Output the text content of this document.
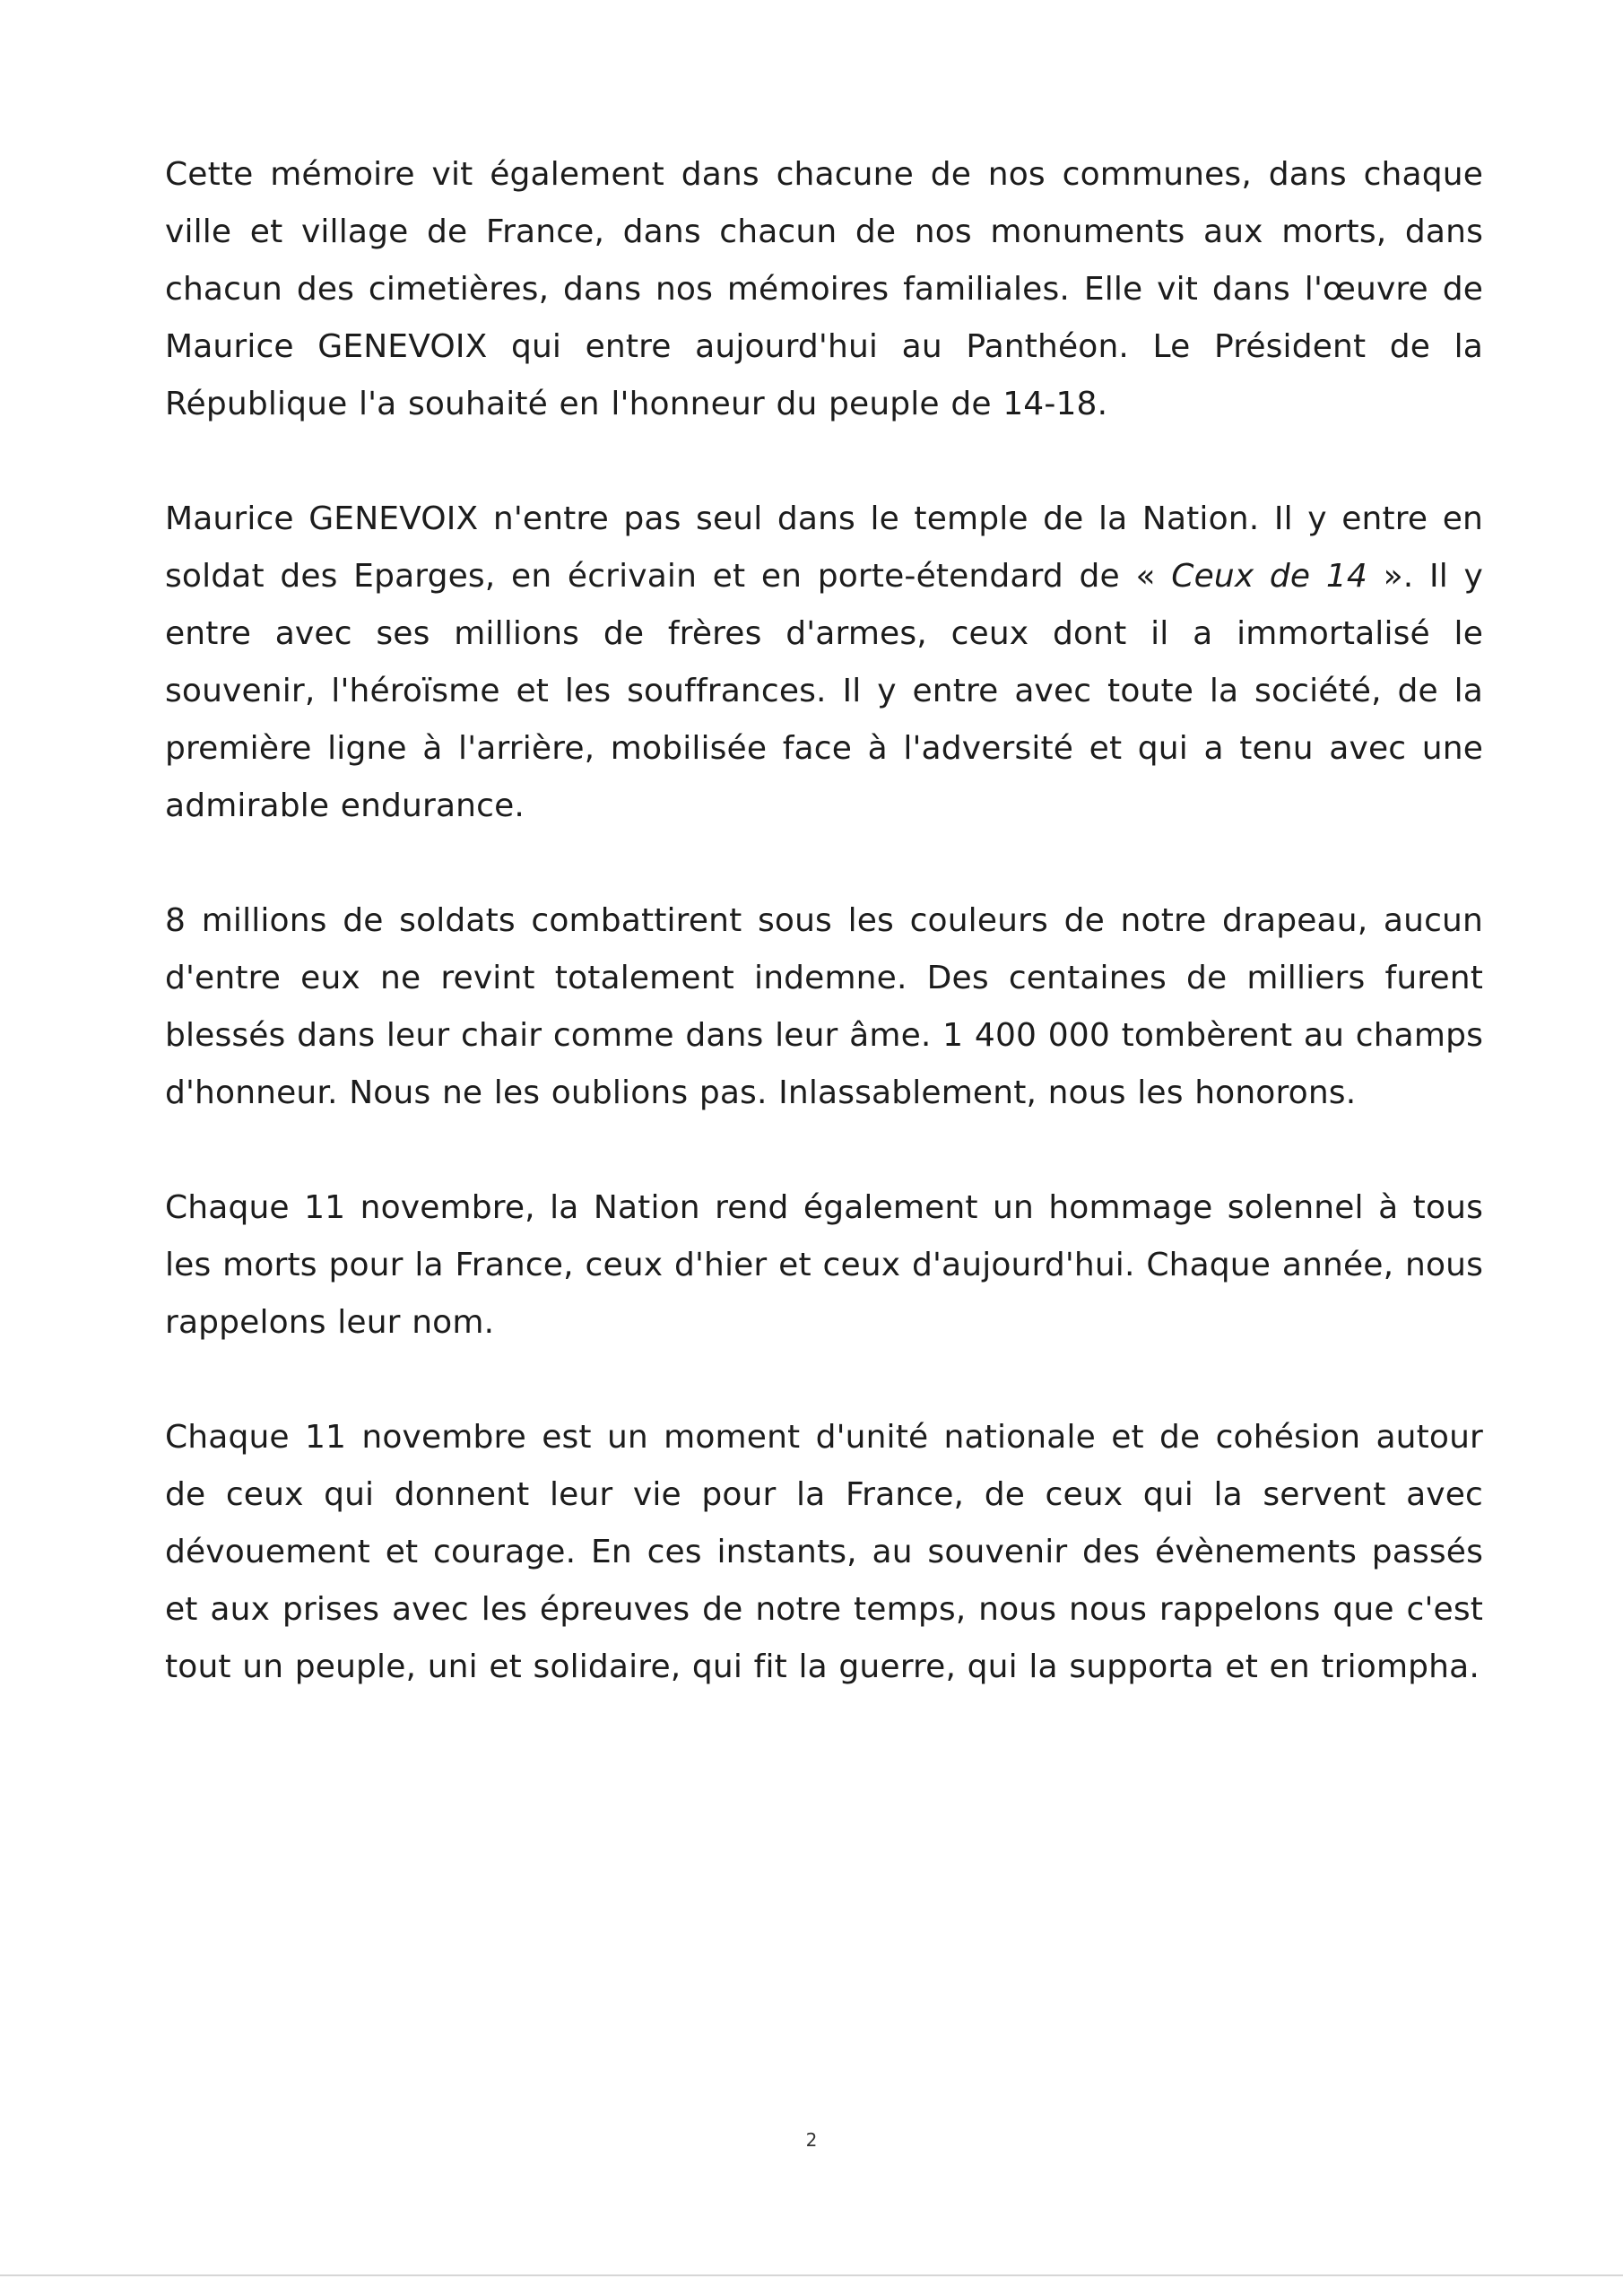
Cette mémoire vit également dans chacune de nos communes, dans chaque ville et village de France, dans chacun de nos monuments aux morts, dans chacun des cimetières, dans nos mémoires familiales. Elle vit dans l'œuvre de Maurice GENEVOIX qui entre aujourd'hui au Panthéon. Le Président de la République l'a souhaité en l'honneur du peuple de 14-18.

Maurice GENEVOIX n'entre pas seul dans le temple de la Nation. Il y entre en soldat des Eparges, en écrivain et en porte-étendard de « Ceux de 14 ». Il y entre avec ses millions de frères d'armes, ceux dont il a immortalisé le souvenir, l'héroïsme et les souffrances. Il y entre avec toute la société, de la première ligne à l'arrière, mobilisée face à l'adversité et qui a tenu avec une admirable endurance.

8 millions de soldats combattirent sous les couleurs de notre drapeau, aucun d'entre eux ne revint totalement indemne. Des centaines de milliers furent blessés dans leur chair comme dans leur âme. 1 400 000 tombèrent au champs d'honneur. Nous ne les oublions pas. Inlassablement, nous les honorons.

Chaque 11 novembre, la Nation rend également un hommage solennel à tous les morts pour la France, ceux d'hier et ceux d'aujourd'hui. Chaque année, nous rappelons leur nom.

Chaque 11 novembre est un moment d'unité nationale et de cohésion autour de ceux qui donnent leur vie pour la France, de ceux qui la servent avec dévouement et courage. En ces instants, au souvenir des évènements passés et aux prises avec les épreuves de notre temps, nous nous rappelons que c'est tout un peuple, uni et solidaire, qui fit la guerre, qui la supporta et en triompha.

2
